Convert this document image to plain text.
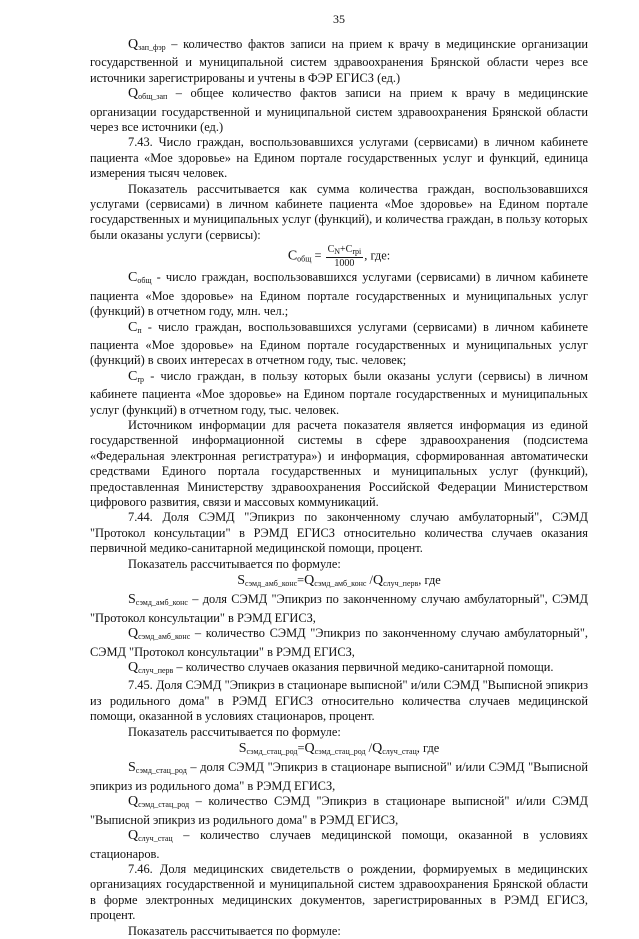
35

$Q_{зап\_фэр}$ – количество фактов записи на прием к врачу в медицинские организации государственной и муниципальной систем здравоохранения Брянской области через все источники зарегистрированы и учтены в ФЭР ЕГИСЗ (ед.)

$Q_{общ\_зап}$ – общее количество фактов записи на прием к врачу в медицинские организации государственной и муниципальной систем здравоохранения Брянской области через все источники (ед.)

7.43. Число граждан, воспользовавшихся услугами (сервисами) в личном кабинете пациента «Мое здоровье» на Едином портале государственных услуг и функций, единица измерения тысяч человек.

Показатель рассчитывается как сумма количества граждан, воспользовавшихся услугами (сервисами) в личном кабинете пациента «Мое здоровье» на Едином портале государственных и муниципальных услуг (функций), и количества граждан, в пользу которых были оказаны услуги (сервисы):

$C_{общ} = \frac{C_N+C_{rpi}}{1000}$ , где:

$C_{общ}$ - число граждан, воспользовавшихся услугами (сервисами) в личном кабинете пациента «Мое здоровье» на Едином портале государственных и муниципальных услуг (функций) в отчетном году, млн. чел.;

$C_п$ - число граждан, воспользовавшихся услугами (сервисами) в личном кабинете пациента «Мое здоровье» на Едином портале государственных и муниципальных услуг (функций) в своих интересах в отчетном году, тыс. человек;

$C_{rp}$ - число граждан, в пользу которых были оказаны услуги (сервисы) в личном кабинете пациента «Мое здоровье» на Едином портале государственных и муниципальных услуг (функций) в отчетном году, тыс. человек.

Источником информации для расчета показателя является информация из единой государственной информационной системы в сфере здравоохранения (подсистема «Федеральная электронная регистратура») и информация, сформированная автоматически средствами Единого портала государственных и муниципальных услуг (функций), предоставленная Министерству здравоохранения Российской Федерации Министерством цифрового развития, связи и массовых коммуникаций.

7.44. Доля СЭМД "Эпикриз по законченному случаю амбулаторный", СЭМД "Протокол консультации" в РЭМД ЕГИСЗ относительно количества случаев оказания первичной медико-санитарной медицинской помощи, процент.

Показатель рассчитывается по формуле:

$S_{сэмд\_амб\_конс}=Q_{сэмд\_амб\_конс}$ $/Q_{случ\_перв}$, где

$S_{сэмд\_амб\_конс}$ – доля СЭМД "Эпикриз по законченному случаю амбулаторный", СЭМД "Протокол консультации" в РЭМД ЕГИСЗ,

$Q_{сэмд\_амб\_конс}$ – количество СЭМД "Эпикриз по законченному случаю амбулаторный", СЭМД "Протокол консультации" в РЭМД ЕГИСЗ,

$Q_{случ\_перв}$ – количество случаев оказания первичной медико-санитарной помощи.

7.45. Доля СЭМД "Эпикриз в стационаре выписной" и/или СЭМД "Выписной эпикриз из родильного дома" в РЭМД ЕГИСЗ относительно количества случаев медицинской помощи, оказанной в условиях стационаров, процент.

Показатель рассчитывается по формуле:

$S_{сэмд\_стац\_род}=Q_{сэмд\_стац\_род}$ $/Q_{случ\_стац}$, где

$S_{сэмд\_стац\_род}$ – доля СЭМД "Эпикриз в стационаре выписной" и/или СЭМД "Выписной эпикриз из родильного дома" в РЭМД ЕГИСЗ,

$Q_{сэмд\_стац\_род}$ – количество СЭМД "Эпикриз в стационаре выписной" и/или СЭМД "Выписной эпикриз из родильного дома" в РЭМД ЕГИСЗ,

$Q_{случ\_стац}$ – количество случаев медицинской помощи, оказанной в условиях стационаров.

7.46. Доля медицинских свидетельств о рождении, формируемых в медицинских организациях государственной и муниципальной систем здравоохранения Брянской области в форме электронных медицинских документов, зарегистрированных в РЭМД ЕГИСЗ, процент.

Показатель рассчитывается по формуле:
